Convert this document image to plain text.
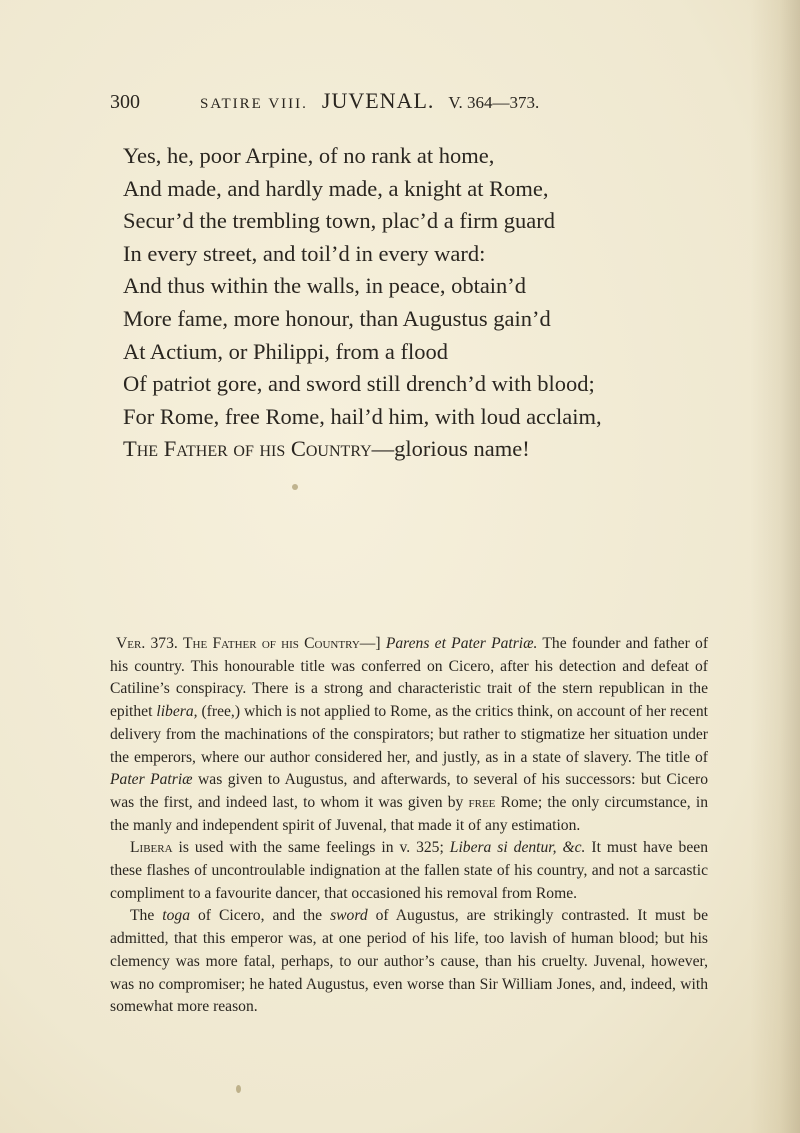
300	SATIRE VIII. JUVENAL. V. 364—373.
Yes, he, poor Arpine, of no rank at home,
And made, and hardly made, a knight at Rome,
Secur’d the trembling town, plac’d a firm guard
In every street, and toil’d in every ward:
And thus within the walls, in peace, obtain’d
More fame, more honour, than Augustus gain’d
At Actium, or Philippi, from a flood
Of patriot gore, and sword still drench’d with blood;
For Rome, free Rome, hail’d him, with loud acclaim,
The Father of his Country—glorious name!

Ver. 373. The Father of his Country—] Parens et Pater Patriæ. The founder and father of his country. This honourable title was conferred on Cicero, after his detection and defeat of Catiline’s conspiracy. There is a strong and characteristic trait of the stern republican in the epithet libera, (free,) which is not applied to Rome, as the critics think, on account of her recent delivery from the machinations of the conspirators; but rather to stigmatize her situation under the emperors, where our author considered her, and justly, as in a state of slavery. The title of Pater Patriæ was given to Augustus, and afterwards, to several of his successors: but Cicero was the first, and indeed last, to whom it was given by free Rome; the only circumstance, in the manly and independent spirit of Juvenal, that made it of any estimation.

Libera is used with the same feelings in v. 325; Libera si dentur, &c. It must have been these flashes of uncontroulable indignation at the fallen state of his country, and not a sarcastic compliment to a favourite dancer, that occasioned his removal from Rome.

The toga of Cicero, and the sword of Augustus, are strikingly contrasted. It must be admitted, that this emperor was, at one period of his life, too lavish of human blood; but his clemency was more fatal, perhaps, to our author’s cause, than his cruelty. Juvenal, however, was no compromiser; he hated Augustus, even worse than Sir William Jones, and, indeed, with somewhat more reason.
